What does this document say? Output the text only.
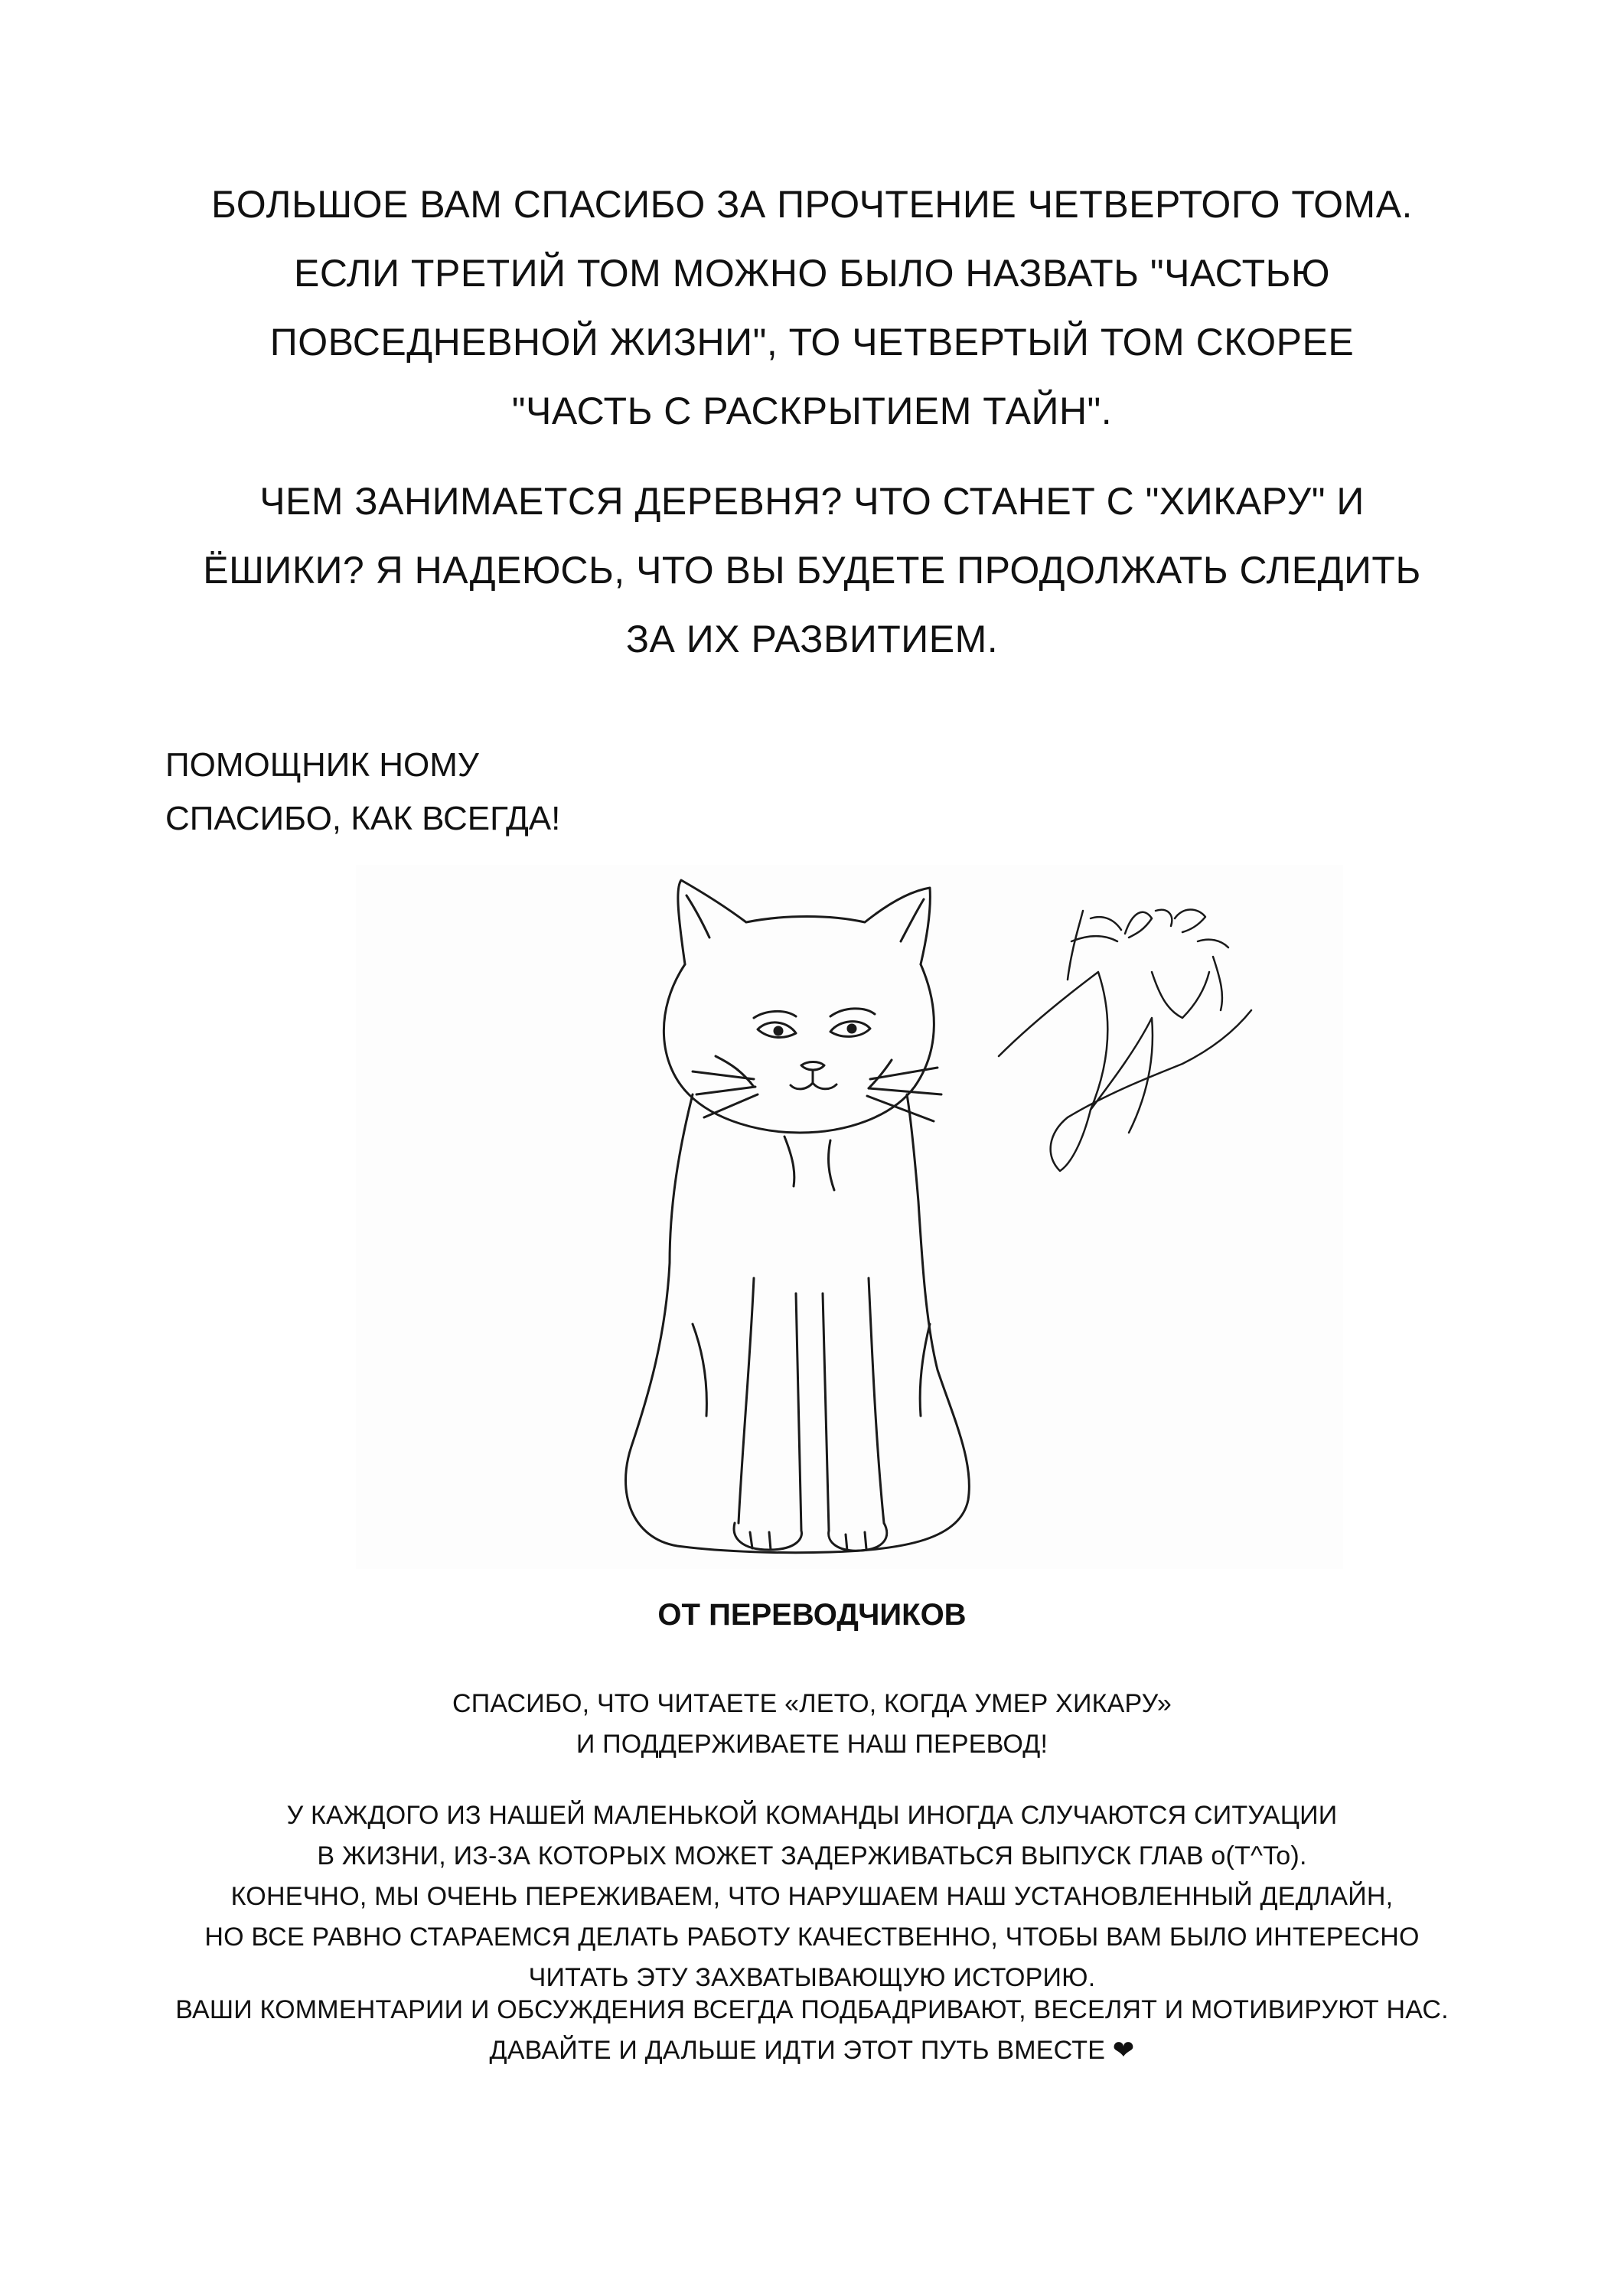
БОЛЬШОЕ ВАМ СПАСИБО ЗА ПРОЧТЕНИЕ ЧЕТВЕРТОГО ТОМА.
ЕСЛИ ТРЕТИЙ ТОМ МОЖНО БЫЛО НАЗВАТЬ "ЧАСТЬЮ
ПОВСЕДНЕВНОЙ ЖИЗНИ", ТО ЧЕТВЕРТЫЙ ТОМ СКОРЕЕ
"ЧАСТЬ С РАСКРЫТИЕМ ТАЙН".
ЧЕМ ЗАНИМАЕТСЯ ДЕРЕВНЯ? ЧТО СТАНЕТ С "ХИКАРУ" И
ЁШИКИ? Я НАДЕЮСЬ, ЧТО ВЫ БУДЕТЕ ПРОДОЛЖАТЬ СЛЕДИТЬ
ЗА ИХ РАЗВИТИЕМ.
ПОМОЩНИК НОМУ
СПАСИБО, КАК ВСЕГДА!
ОТ ПЕРЕВОДЧИКОВ
СПАСИБО, ЧТО ЧИТАЕТЕ «ЛЕТО, КОГДА УМЕР ХИКАРУ»
И ПОДДЕРЖИВАЕТЕ НАШ ПЕРЕВОД!
У КАЖДОГО ИЗ НАШЕЙ МАЛЕНЬКОЙ КОМАНДЫ ИНОГДА СЛУЧАЮТСЯ СИТУАЦИИ
В ЖИЗНИ, ИЗ-ЗА КОТОРЫХ МОЖЕТ ЗАДЕРЖИВАТЬСЯ ВЫПУСК ГЛАВ o(T^To).
КОНЕЧНО, МЫ ОЧЕНЬ ПЕРЕЖИВАЕМ, ЧТО НАРУШАЕМ НАШ УСТАНОВЛЕННЫЙ ДЕДЛАЙН,
НО ВСЕ РАВНО СТАРАЕМСЯ ДЕЛАТЬ РАБОТУ КАЧЕСТВЕННО, ЧТОБЫ ВАМ БЫЛО ИНТЕРЕСНО
ЧИТАТЬ ЭТУ ЗАХВАТЫВАЮЩУЮ ИСТОРИЮ.
ВАШИ КОММЕНТАРИИ И ОБСУЖДЕНИЯ ВСЕГДА ПОДБАДРИВАЮТ, ВЕСЕЛЯТ И МОТИВИРУЮТ НАС.
ДАВАЙТЕ И ДАЛЬШЕ ИДТИ ЭТОТ ПУТЬ ВМЕСТЕ ❤
